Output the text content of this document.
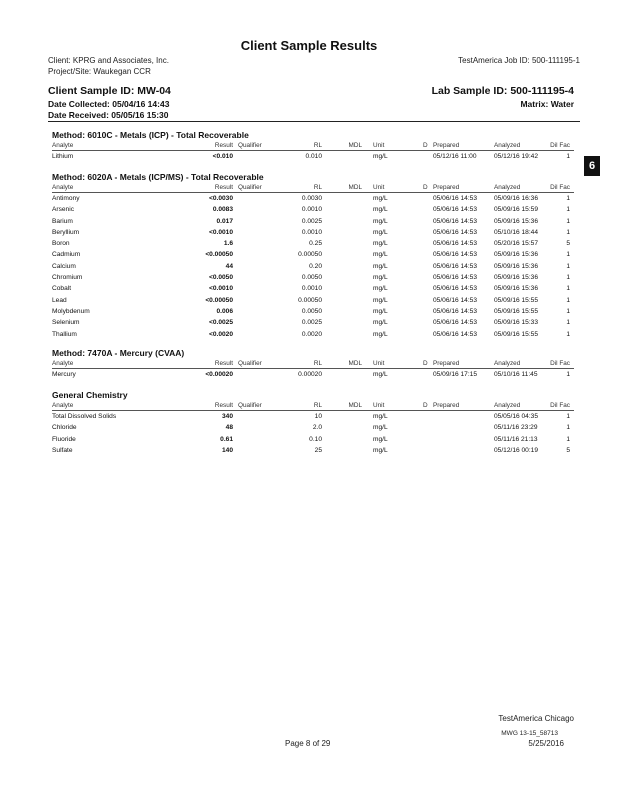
Client Sample Results
Client: KPRG and Associates, Inc.
Project/Site: Waukegan CCR
TestAmerica Job ID: 500-111195-1
Client Sample ID: MW-04	Lab Sample ID: 500-111195-4
Date Collected: 05/04/16 14:43	Matrix: Water
Date Received: 05/05/16 15:30
6
Method: 6010C - Metals (ICP) - Total Recoverable
Analyte	Result Qualifier	RL	MDL Unit	D Prepared	Analyzed	Dil Fac
Lithium	<0.010	0.010	mg/L	05/12/16 11:00	05/12/16 19:42	1
Method: 6020A - Metals (ICP/MS) - Total Recoverable
Analyte	Result Qualifier	RL	MDL Unit	D Prepared	Analyzed	Dil Fac
Antimony	<0.0030	0.0030	mg/L	05/06/16 14:53	05/09/16 16:36	1
Arsenic	0.0083	0.0010	mg/L	05/06/16 14:53	05/09/16 15:59	1
Barium	0.017	0.0025	mg/L	05/06/16 14:53	05/09/16 15:36	1
Beryllium	<0.0010	0.0010	mg/L	05/06/16 14:53	05/10/16 18:44	1
Boron	1.6	0.25	mg/L	05/06/16 14:53	05/20/16 15:57	5
Cadmium	<0.00050	0.00050	mg/L	05/06/16 14:53	05/09/16 15:36	1
Calcium	44	0.20	mg/L	05/06/16 14:53	05/09/16 15:36	1
Chromium	<0.0050	0.0050	mg/L	05/06/16 14:53	05/09/16 15:36	1
Cobalt	<0.0010	0.0010	mg/L	05/06/16 14:53	05/09/16 15:36	1
Lead	<0.00050	0.00050	mg/L	05/06/16 14:53	05/09/16 15:55	1
Molybdenum	0.006	0.0050	mg/L	05/06/16 14:53	05/09/16 15:55	1
Selenium	<0.0025	0.0025	mg/L	05/06/16 14:53	05/09/16 15:33	1
Thallium	<0.0020	0.0020	mg/L	05/06/16 14:53	05/09/16 15:55	1
Method: 7470A - Mercury (CVAA)
Analyte	Result Qualifier	RL	MDL Unit	D Prepared	Analyzed	Dil Fac
Mercury	<0.00020	0.00020	mg/L	05/09/16 17:15	05/10/16 11:45	1
General Chemistry
Analyte	Result Qualifier	RL	MDL Unit	D Prepared	Analyzed	Dil Fac
Total Dissolved Solids	340	10	mg/L	05/05/16 04:35	1
Chloride	48	2.0	mg/L	05/11/16 23:29	1
Fluoride	0.61	0.10	mg/L	05/11/16 21:13	1
Sulfate	140	25	mg/L	05/12/16 00:19	5
TestAmerica Chicago
MWG 13-15_58713
Page 8 of 29	5/25/2016
